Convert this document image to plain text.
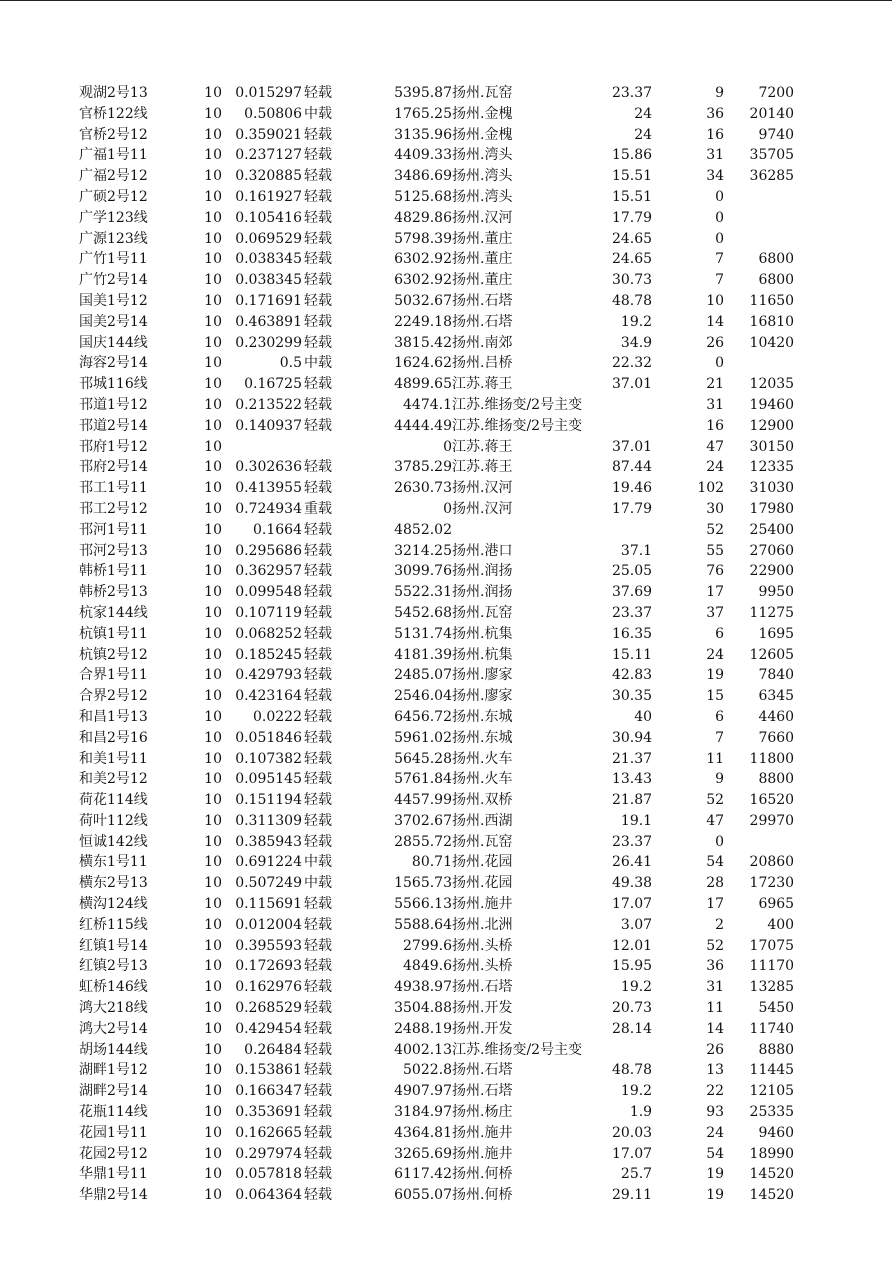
观湖2号13	10	0.015297	轻载	5395.87	扬州.瓦窑	23.37	9	7200
官桥122线	10	0.50806	中载	1765.25	扬州.金槐	24	36	20140
官桥2号12	10	0.359021	轻载	3135.96	扬州.金槐	24	16	9740
广福1号11	10	0.237127	轻载	4409.33	扬州.湾头	15.86	31	35705
广福2号12	10	0.320885	轻载	3486.69	扬州.湾头	15.51	34	36285
广硕2号12	10	0.161927	轻载	5125.68	扬州.湾头	15.51	0	
广学123线	10	0.105416	轻载	4829.86	扬州.汉河	17.79	0	
广源123线	10	0.069529	轻载	5798.39	扬州.董庄	24.65	0	
广竹1号11	10	0.038345	轻载	6302.92	扬州.董庄	24.65	7	6800
广竹2号14	10	0.038345	轻载	6302.92	扬州.董庄	30.73	7	6800
国美1号12	10	0.171691	轻载	5032.67	扬州.石塔	48.78	10	11650
国美2号14	10	0.463891	轻载	2249.18	扬州.石塔	19.2	14	16810
国庆144线	10	0.230299	轻载	3815.42	扬州.南郊	34.9	26	10420
海容2号14	10	0.5	中载	1624.62	扬州.吕桥	22.32	0	
邗城116线	10	0.16725	轻载	4899.65	江苏.蒋王	37.01	21	12035
邗道1号12	10	0.213522	轻载	4474.1	江苏.维扬变/2号主变		31	19460
邗道2号14	10	0.140937	轻载	4444.49	江苏.维扬变/2号主变		16	12900
邗府1号12	10			0	江苏.蒋王	37.01	47	30150
邗府2号14	10	0.302636	轻载	3785.29	江苏.蒋王	87.44	24	12335
邗工1号11	10	0.413955	轻载	2630.73	扬州.汉河	19.46	102	31030
邗工2号12	10	0.724934	重载	0	扬州.汉河	17.79	30	17980
邗河1号11	10	0.1664	轻载	4852.02			52	25400
邗河2号13	10	0.295686	轻载	3214.25	扬州.港口	37.1	55	27060
韩桥1号11	10	0.362957	轻载	3099.76	扬州.润扬	25.05	76	22900
韩桥2号13	10	0.099548	轻载	5522.31	扬州.润扬	37.69	17	9950
杭家144线	10	0.107119	轻载	5452.68	扬州.瓦窑	23.37	37	11275
杭镇1号11	10	0.068252	轻载	5131.74	扬州.杭集	16.35	6	1695
杭镇2号12	10	0.185245	轻载	4181.39	扬州.杭集	15.11	24	12605
合界1号11	10	0.429793	轻载	2485.07	扬州.廖家	42.83	19	7840
合界2号12	10	0.423164	轻载	2546.04	扬州.廖家	30.35	15	6345
和昌1号13	10	0.0222	轻载	6456.72	扬州.东城	40	6	4460
和昌2号16	10	0.051846	轻载	5961.02	扬州.东城	30.94	7	7660
和美1号11	10	0.107382	轻载	5645.28	扬州.火车	21.37	11	11800
和美2号12	10	0.095145	轻载	5761.84	扬州.火车	13.43	9	8800
荷花114线	10	0.151194	轻载	4457.99	扬州.双桥	21.87	52	16520
荷叶112线	10	0.311309	轻载	3702.67	扬州.西湖	19.1	47	29970
恒诚142线	10	0.385943	轻载	2855.72	扬州.瓦窑	23.37	0	
横东1号11	10	0.691224	中载	80.71	扬州.花园	26.41	54	20860
横东2号13	10	0.507249	中载	1565.73	扬州.花园	49.38	28	17230
横沟124线	10	0.115691	轻载	5566.13	扬州.施井	17.07	17	6965
红桥115线	10	0.012004	轻载	5588.64	扬州.北洲	3.07	2	400
红镇1号14	10	0.395593	轻载	2799.6	扬州.头桥	12.01	52	17075
红镇2号13	10	0.172693	轻载	4849.6	扬州.头桥	15.95	36	11170
虹桥146线	10	0.162976	轻载	4938.97	扬州.石塔	19.2	31	13285
鸿大218线	10	0.268529	轻载	3504.88	扬州.开发	20.73	11	5450
鸿大2号14	10	0.429454	轻载	2488.19	扬州.开发	28.14	14	11740
胡场144线	10	0.26484	轻载	4002.13	江苏.维扬变/2号主变		26	8880
湖畔1号12	10	0.153861	轻载	5022.8	扬州.石塔	48.78	13	11445
湖畔2号14	10	0.166347	轻载	4907.97	扬州.石塔	19.2	22	12105
花瓶114线	10	0.353691	轻载	3184.97	扬州.杨庄	1.9	93	25335
花园1号11	10	0.162665	轻载	4364.81	扬州.施井	20.03	24	9460
花园2号12	10	0.297974	轻载	3265.69	扬州.施井	17.07	54	18990
华鼎1号11	10	0.057818	轻载	6117.42	扬州.何桥	25.7	19	14520
华鼎2号14	10	0.064364	轻载	6055.07	扬州.何桥	29.11	19	14520
